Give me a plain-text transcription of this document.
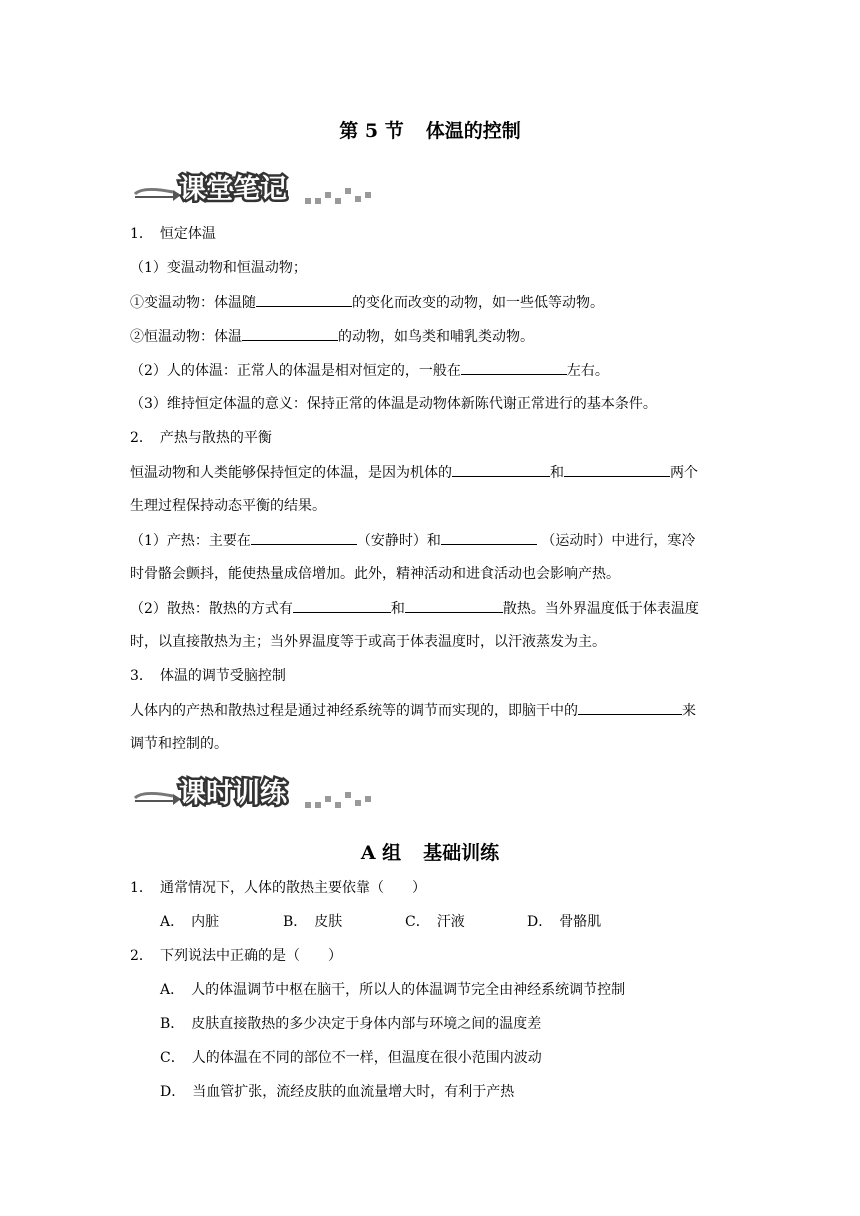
第 5 节 体温的控制
课堂笔记
1．　恒定体温
（1）变温动物和恒温动物；
①变温动物：体温随	的变化而改变的动物，如一些低等动物。
②恒温动物：体温	的动物，如鸟类和哺乳类动物。
（2）人的体温：正常人的体温是相对恒定的，一般在	左右。
（3）维持恒定体温的意义：保持正常的体温是动物体新陈代谢正常进行的基本条件。
2．　产热与散热的平衡
恒温动物和人类能够保持恒定的体温，是因为机体的	和	两个
生理过程保持动态平衡的结果。
（1）产热：主要在	（安静时）和	（运动时）中进行，寒冷
时骨骼会颤抖，能使热量成倍增加。此外，精神活动和进食活动也会影响产热。
（2）散热：散热的方式有	和	散热。当外界温度低于体表温度
时，以直接散热为主；当外界温度等于或高于体表温度时，以汗液蒸发为主。
3．　体温的调节受脑控制
人体内的产热和散热过程是通过神经系统等的调节而实现的，即脑干中的	来
调节和控制的。
课时训练
A 组 基础训练
1． 通常情况下，人体的散热主要依靠（　　）
A．　内脏	B．　皮肤	C．　汗液	D．　骨骼肌
2． 下列说法中正确的是（　　）
A．　人的体温调节中枢在脑干，所以人的体温调节完全由神经系统调节控制
B．　皮肤直接散热的多少决定于身体内部与环境之间的温度差
C．　人的体温在不同的部位不一样，但温度在很小范围内波动
D．　当血管扩张，流经皮肤的血流量增大时，有利于产热
